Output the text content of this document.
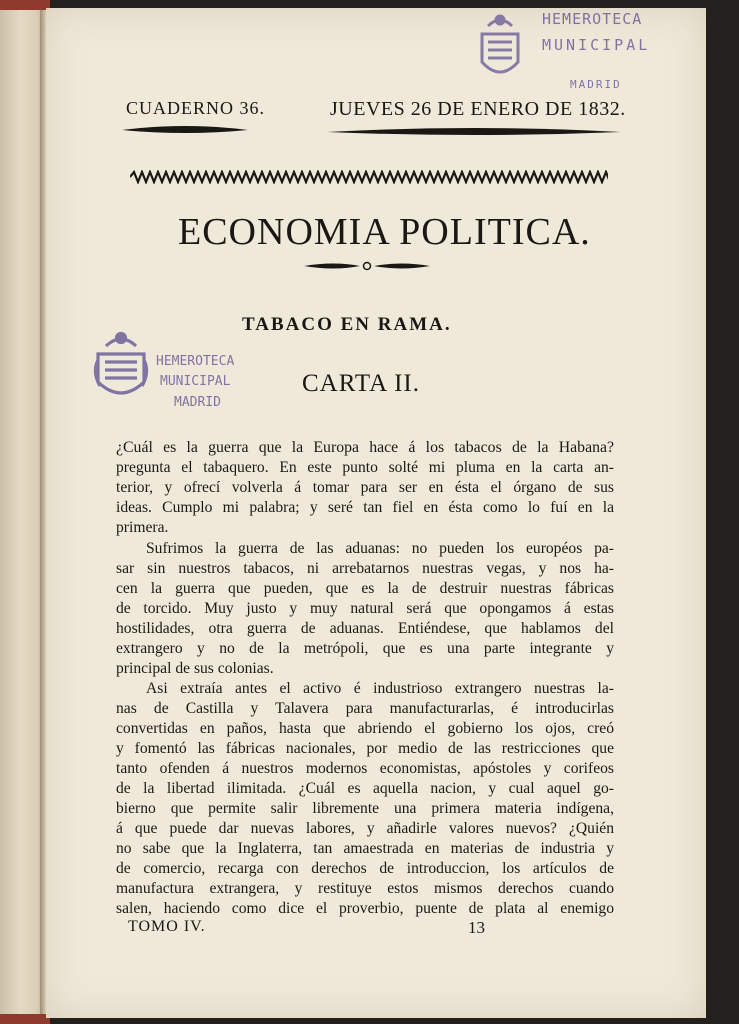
HEMEROTECA
MUNICIPAL
MADRID
CUADERNO 36.	JUEVES 26 DE ENERO DE 1832.
ECONOMIA POLITICA.
TABACO EN RAMA.
HEMEROTECA
MUNICIPAL
MADRID
CARTA II.
¿Cuál es la guerra que la Europa hace á los tabacos de la Habana?
pregunta el tabaquero. En este punto solté mi pluma en la carta an-
terior, y ofrecí volverla á tomar para ser en ésta el órgano de sus
ideas. Cumplo mi palabra; y seré tan fiel en ésta como lo fuí en la
primera.
Sufrimos la guerra de las aduanas: no pueden los européos pa-
sar sin nuestros tabacos, ni arrebatarnos nuestras vegas, y nos ha-
cen la guerra que pueden, que es la de destruir nuestras fábricas
de torcido. Muy justo y muy natural será que opongamos á estas
hostilidades, otra guerra de aduanas. Entiéndese, que hablamos del
extrangero y no de la metrópoli, que es una parte integrante y
principal de sus colonias.
Asi extraía antes el activo é industrioso extrangero nuestras la-
nas de Castilla y Talavera para manufacturarlas, é introducirlas
convertidas en paños, hasta que abriendo el gobierno los ojos, creó
y fomentó las fábricas nacionales, por medio de las restricciones que
tanto ofenden á nuestros modernos economistas, apóstoles y corifeos
de la libertad ilimitada. ¿Cuál es aquella nacion, y cual aquel go-
bierno que permite salir libremente una primera materia indígena,
á que puede dar nuevas labores, y añadirle valores nuevos? ¿Quién
no sabe que la Inglaterra, tan amaestrada en materias de industria y
de comercio, recarga con derechos de introduccion, los artículos de
manufactura extrangera, y restituye estos mismos derechos cuando
salen, haciendo como dice el proverbio, puente de plata al enemigo
TOMO IV.	13
